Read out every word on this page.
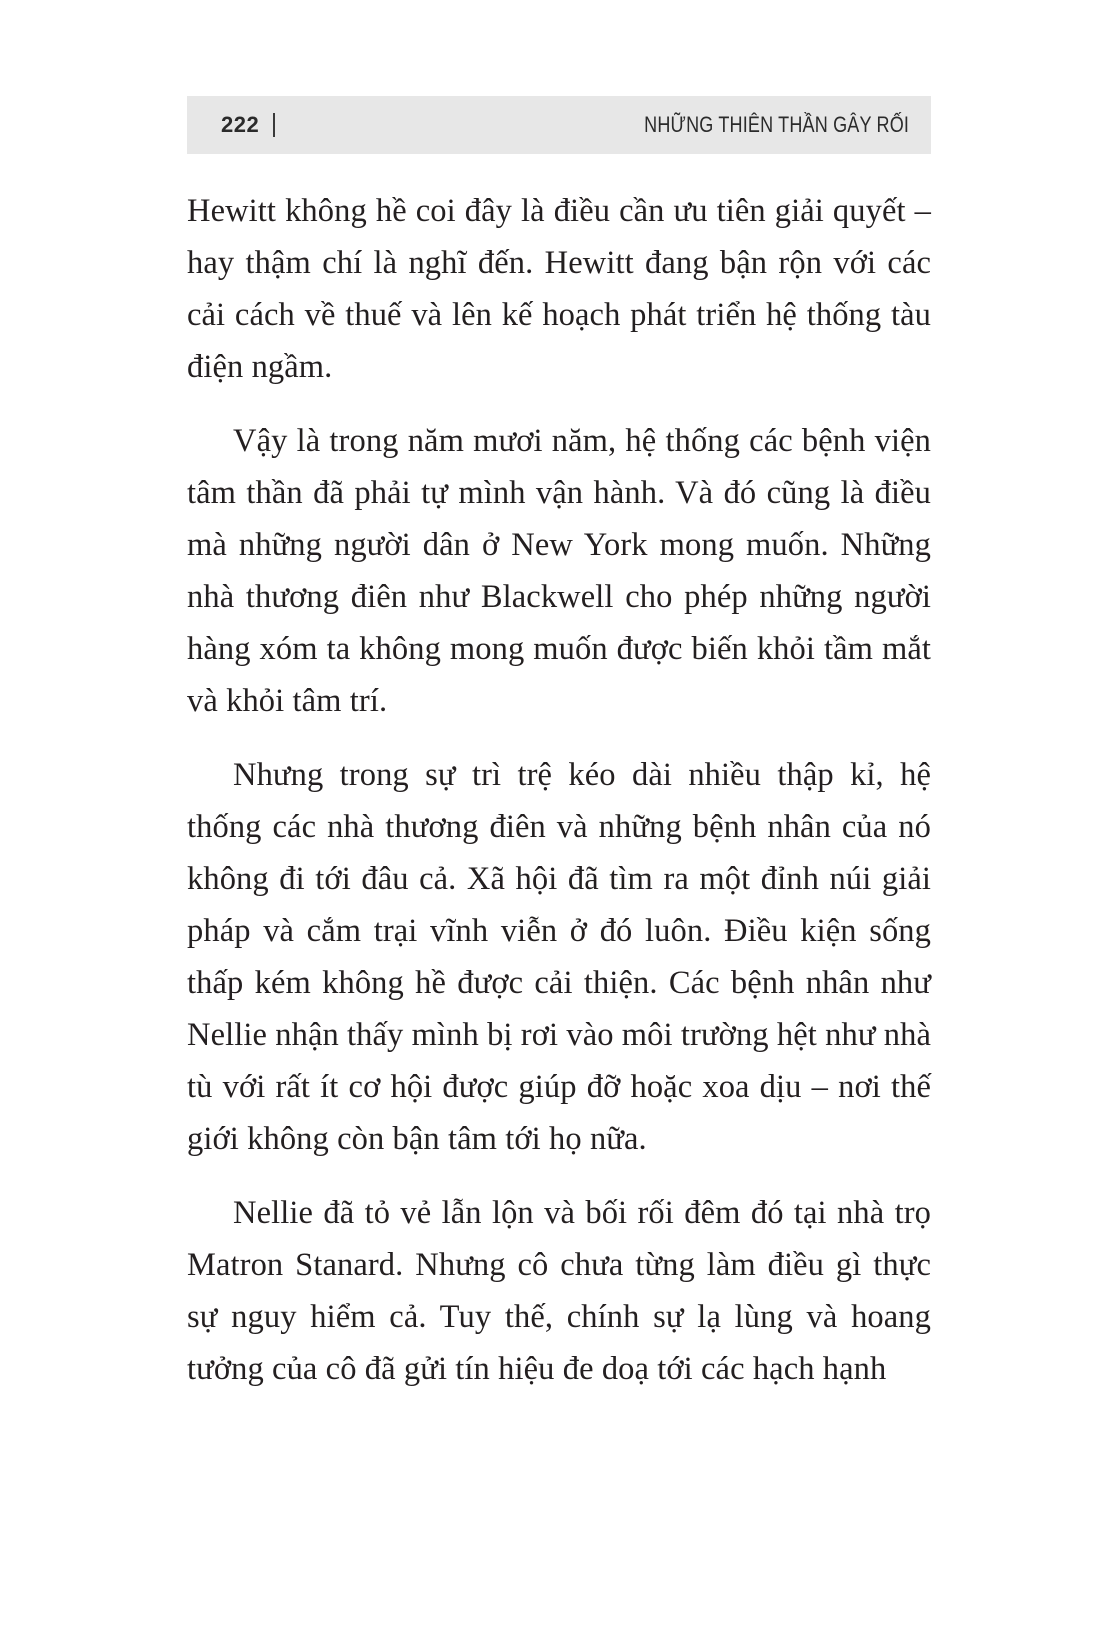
222	NHỮNG THIÊN THẦN GÂY RỐI

Hewitt không hề coi đây là điều cần ưu tiên giải quyết – hay thậm chí là nghĩ đến. Hewitt đang bận rộn với các cải cách về thuế và lên kế hoạch phát triển hệ thống tàu điện ngầm.

Vậy là trong năm mươi năm, hệ thống các bệnh viện tâm thần đã phải tự mình vận hành. Và đó cũng là điều mà những người dân ở New York mong muốn. Những nhà thương điên như Blackwell cho phép những người hàng xóm ta không mong muốn được biến khỏi tầm mắt và khỏi tâm trí.

Nhưng trong sự trì trệ kéo dài nhiều thập kỉ, hệ thống các nhà thương điên và những bệnh nhân của nó không đi tới đâu cả. Xã hội đã tìm ra một đỉnh núi giải pháp và cắm trại vĩnh viễn ở đó luôn. Điều kiện sống thấp kém không hề được cải thiện. Các bệnh nhân như Nellie nhận thấy mình bị rơi vào môi trường hệt như nhà tù với rất ít cơ hội được giúp đỡ hoặc xoa dịu – nơi thế giới không còn bận tâm tới họ nữa.

Nellie đã tỏ vẻ lẫn lộn và bối rối đêm đó tại nhà trọ Matron Stanard. Nhưng cô chưa từng làm điều gì thực sự nguy hiểm cả. Tuy thế, chính sự lạ lùng và hoang tưởng của cô đã gửi tín hiệu đe doạ tới các hạch hạnh
